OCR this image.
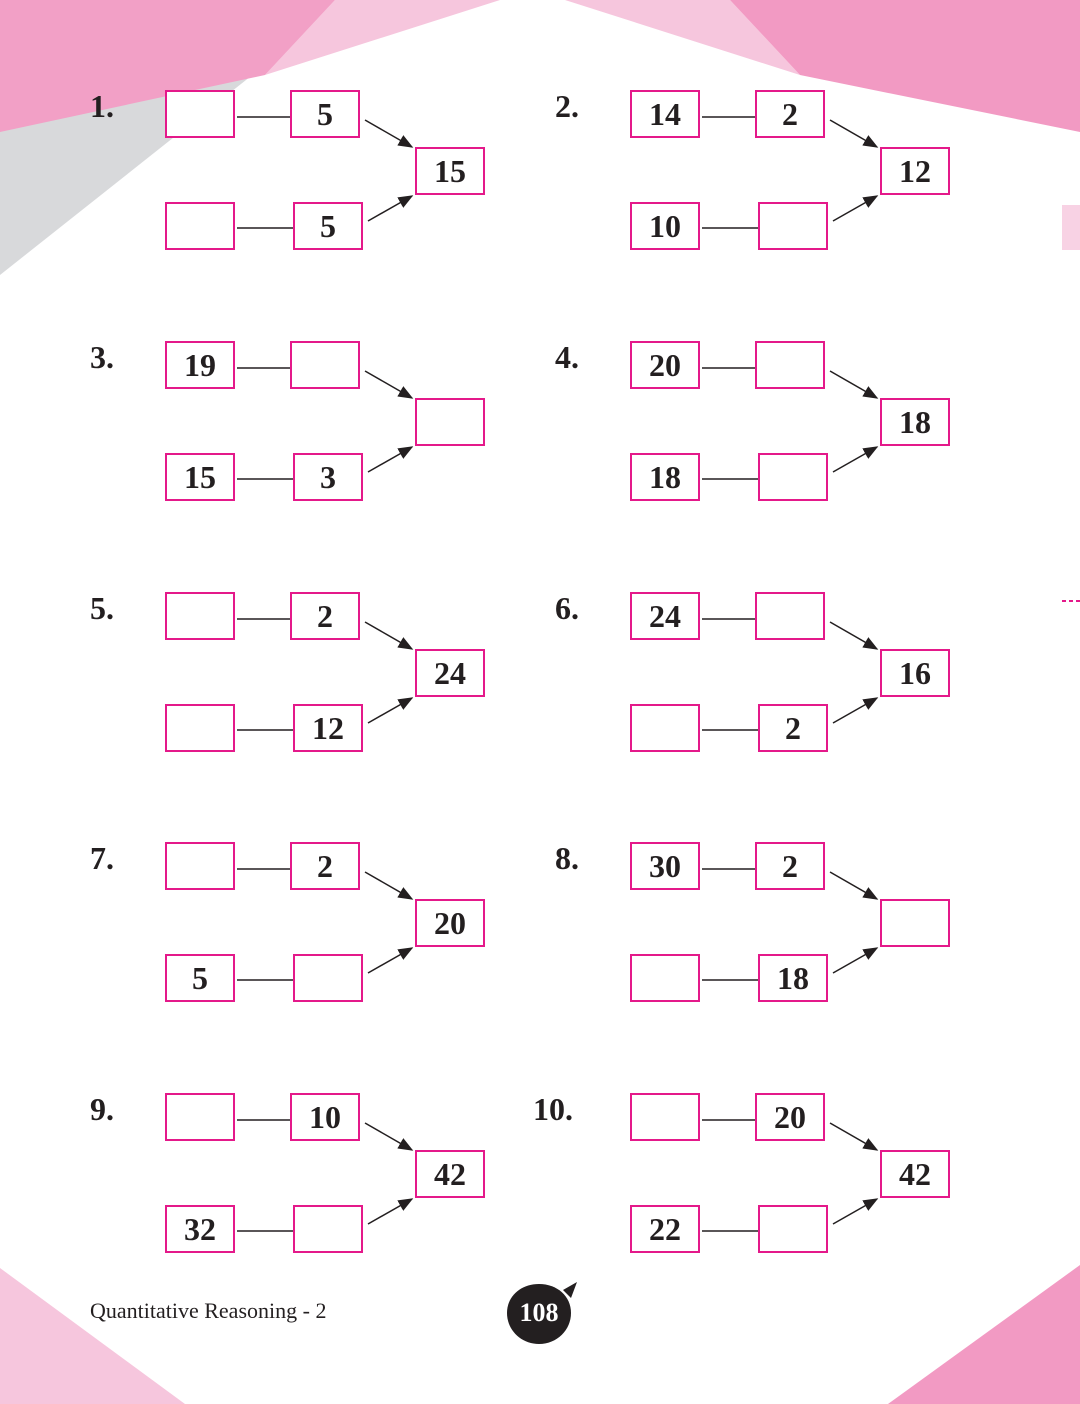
1.	5
5
15
2.	14	2
10
12
3.	19
15	3
4.	20
18
18
5.	2
12
24
6.	24
2
16
7.	2
5
20
8.	30	2
18
9.	10
32
42
10.	20
22
42
Quantitative Reasoning - 2	108
